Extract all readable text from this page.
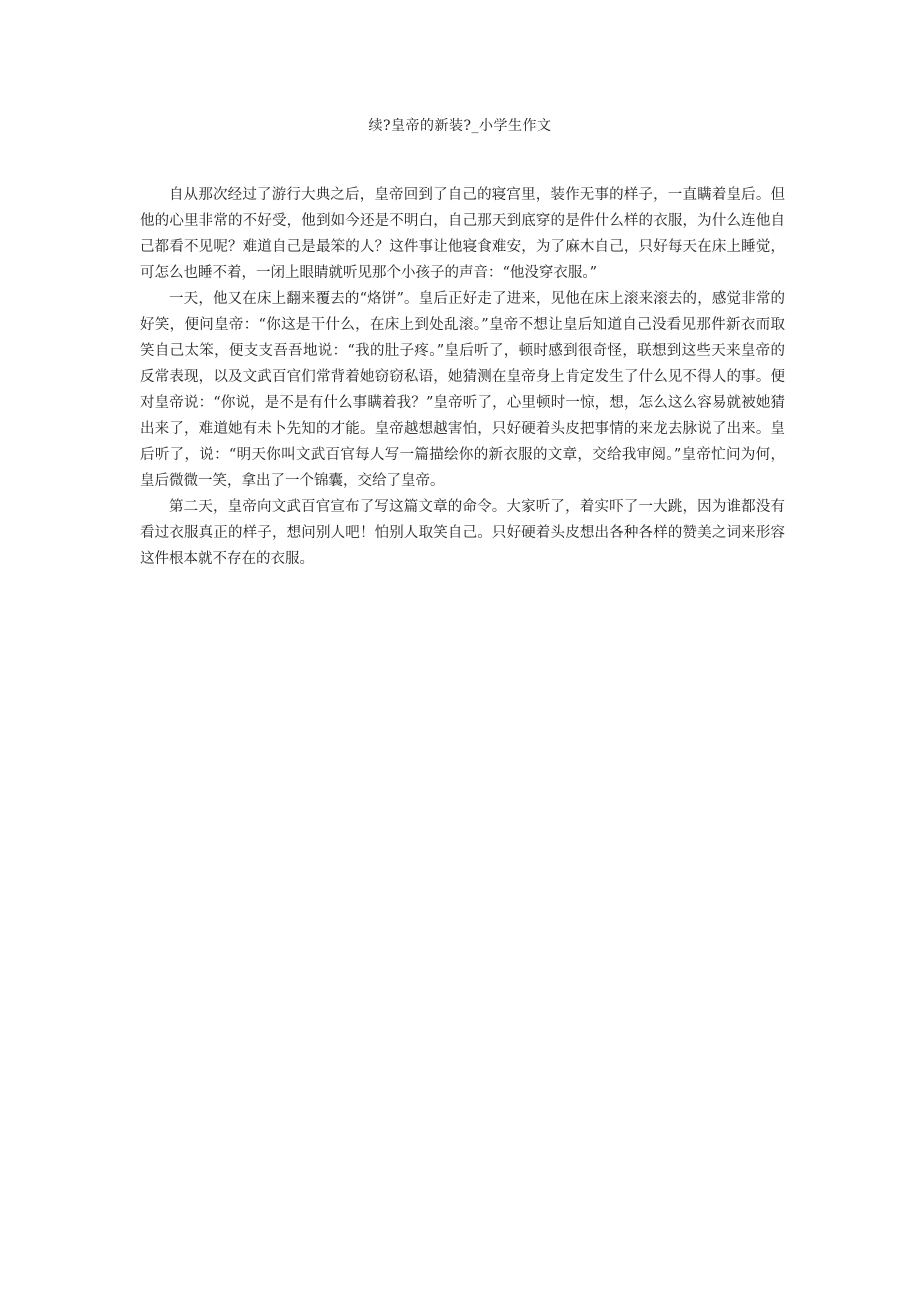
续?皇帝的新装?_小学生作文

自从那次经过了游行大典之后，皇帝回到了自己的寝宫里，装作无事的样子，一直瞒着皇后。但他的心里非常的不好受，他到如今还是不明白，自己那天到底穿的是件什么样的衣服，为什么连他自己都看不见呢？难道自己是最笨的人？这件事让他寝食难安，为了麻木自己，只好每天在床上睡觉，可怎么也睡不着，一闭上眼睛就听见那个小孩子的声音：“他没穿衣服。”

一天，他又在床上翻来覆去的“烙饼”。皇后正好走了进来，见他在床上滚来滚去的，感觉非常的好笑，便问皇帝：“你这是干什么，在床上到处乱滚。”皇帝不想让皇后知道自己没看见那件新衣而取笑自己太笨，便支支吾吾地说：“我的肚子疼。”皇后听了，顿时感到很奇怪，联想到这些天来皇帝的反常表现，以及文武百官们常背着她窃窃私语，她猜测在皇帝身上肯定发生了什么见不得人的事。便对皇帝说：“你说，是不是有什么事瞒着我？”皇帝听了，心里顿时一惊，想，怎么这么容易就被她猜出来了，难道她有未卜先知的才能。皇帝越想越害怕，只好硬着头皮把事情的来龙去脉说了出来。皇后听了，说：“明天你叫文武百官每人写一篇描绘你的新衣服的文章，交给我审阅。”皇帝忙问为何，皇后微微一笑，拿出了一个锦囊，交给了皇帝。

第二天，皇帝向文武百官宣布了写这篇文章的命令。大家听了，着实吓了一大跳，因为谁都没有看过衣服真正的样子，想问别人吧！怕别人取笑自己。只好硬着头皮想出各种各样的赞美之词来形容这件根本就不存在的衣服。
